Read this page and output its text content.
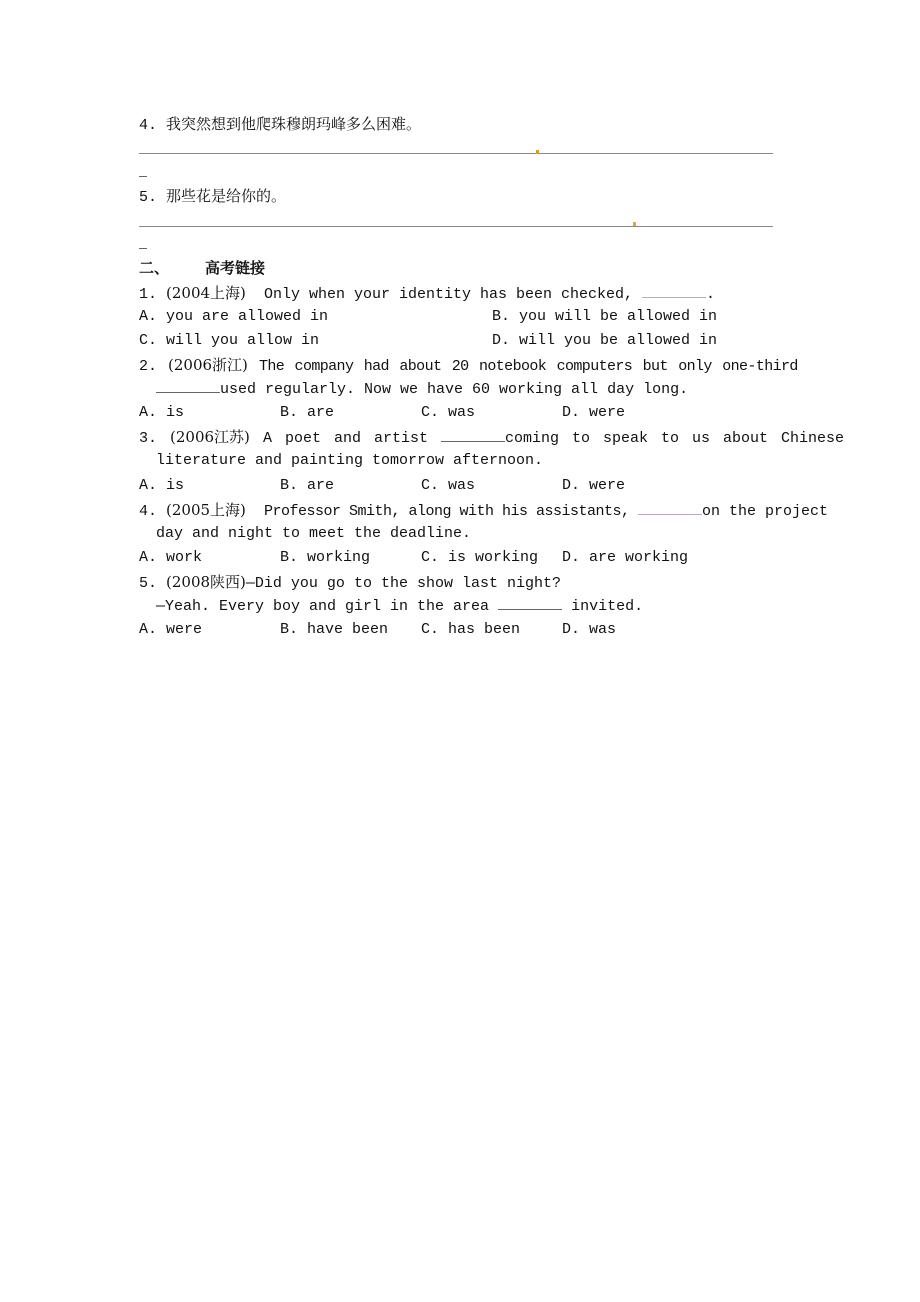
4. 我突然想到他爬珠穆朗玛峰多么困难。
5. 那些花是给你的。
二、 高考链接
1. (2004上海) Only when your identity has been checked,	.
A. you are allowed in	B. you will be allowed in
C. will you allow in	D. will you be allowed in
2. (2006浙江) The company had about 20 notebook computers but only one-third
used regularly. Now we have 60 working all day long.
A. is	B. are	C. was	D. were
3. (2006江苏) A poet and artist	coming to speak to us about Chinese
literature and painting tomorrow afternoon.
A. is	B. are	C. was	D. were
4. (2005上海) Professor Smith, along with his assistants,	on the project
day and night to meet the deadline.
A. work	B. working	C. is working D. are working
5. (2008陕西)—Did you go to the show last night?
—Yeah. Every boy and girl in the area	invited.
A. were	B. have been C. has been	D. was
